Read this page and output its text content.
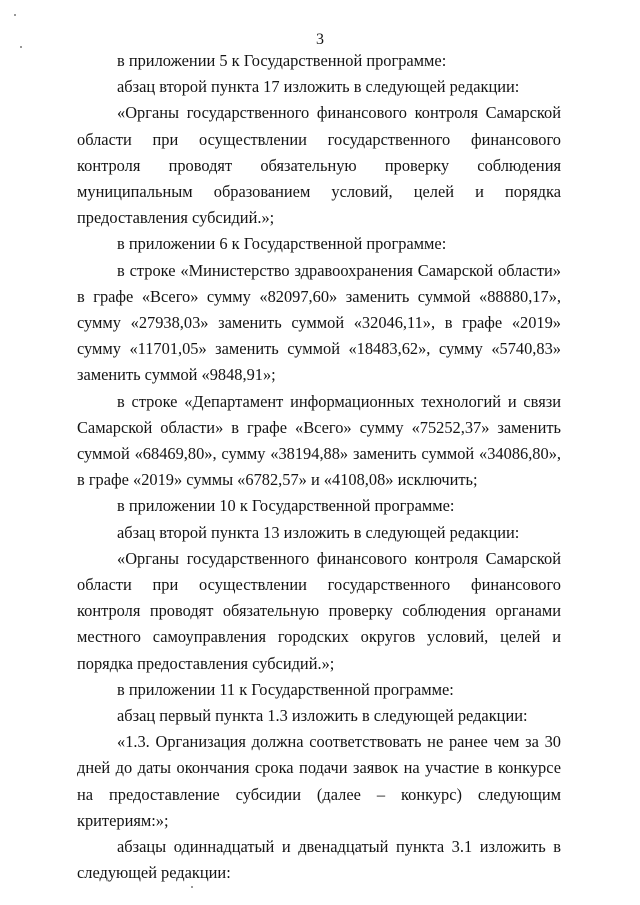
3

в приложении 5 к Государственной программе:

абзац второй пункта 17 изложить в следующей редакции:

«Органы государственного финансового контроля Самарской области при осуществлении государственного финансового контроля проводят обязательную проверку соблюдения муниципальным образованием условий, целей и порядка предоставления субсидий.»;

в приложении 6 к Государственной программе:

в строке «Министерство здравоохранения Самарской области» в графе «Всего» сумму «82097,60» заменить суммой «88880,17», сумму «27938,03» заменить суммой «32046,11», в графе «2019» сумму «11701,05» заменить суммой «18483,62», сумму «5740,83» заменить суммой «9848,91»;

в строке «Департамент информационных технологий и связи Самарской области» в графе «Всего» сумму «75252,37» заменить суммой «68469,80», сумму «38194,88» заменить суммой «34086,80», в графе «2019» суммы «6782,57» и «4108,08» исключить;

в приложении 10 к Государственной программе:

абзац второй пункта 13 изложить в следующей редакции:

«Органы государственного финансового контроля Самарской области при осуществлении государственного финансового контроля проводят обязательную проверку соблюдения органами местного самоуправления городских округов условий, целей и порядка предоставления субсидий.»;

в приложении 11 к Государственной программе:

абзац первый пункта 1.3 изложить в следующей редакции:

«1.3. Организация должна соответствовать не ранее чем за 30 дней до даты окончания срока подачи заявок на участие в конкурсе на предоставление субсидии (далее – конкурс) следующим критериям:»;

абзацы одиннадцатый и двенадцатый пункта 3.1 изложить в следующей редакции:
